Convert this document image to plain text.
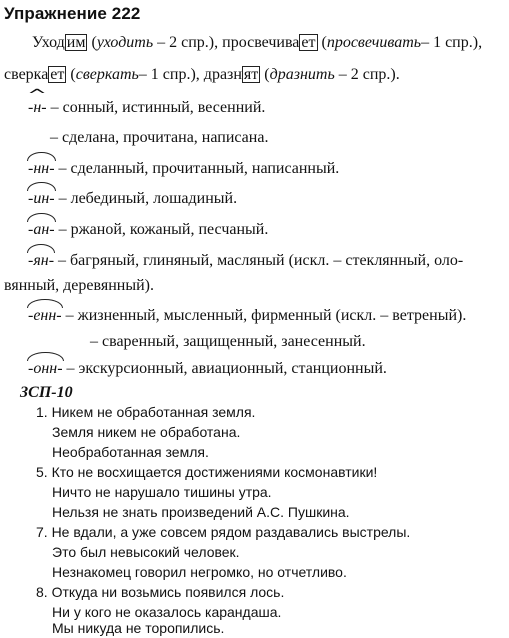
Упражнение 222
Уход им (уходить – 2 спр.), просвечива ет (просвечивать– 1 спр.),
сверка ет (сверкать– 1 спр.), дразн ят (дразнить – 2 спр.).
^ -н- – сонный, истинный, весенний.
– сделана, прочитана, написана.
-нн- – сделанный, прочитанный, написанный.
-ин- – лебединый, лошадиный.
-ан- – ржаной, кожаный, песчаный.
-ян- – багряный, глиняный, масляный (искл. – стеклянный, оло-
вянный, деревянный).
-енн- – жизненный, мысленный, фирменный (искл. – ветреный).
– сваренный, защищенный, занесенный.
-онн- – экскурсионный, авиационный, станционный.
ЗСП-10
1. Никем не обработанная земля.
Земля никем не обработана.
Необработанная земля.
5. Кто не восхищается достижениями космонавтики!
Ничто не нарушало тишины утра.
Нельзя не знать произведений А.С. Пушкина.
7. Не вдали, а уже совсем рядом раздавались выстрелы.
Это был невысокий человек.
Незнакомец говорил негромко, но отчетливо.
8. Откуда ни возьмись появился лось.
Ни у кого не оказалось карандаша.
Мы никуда не торопились.
